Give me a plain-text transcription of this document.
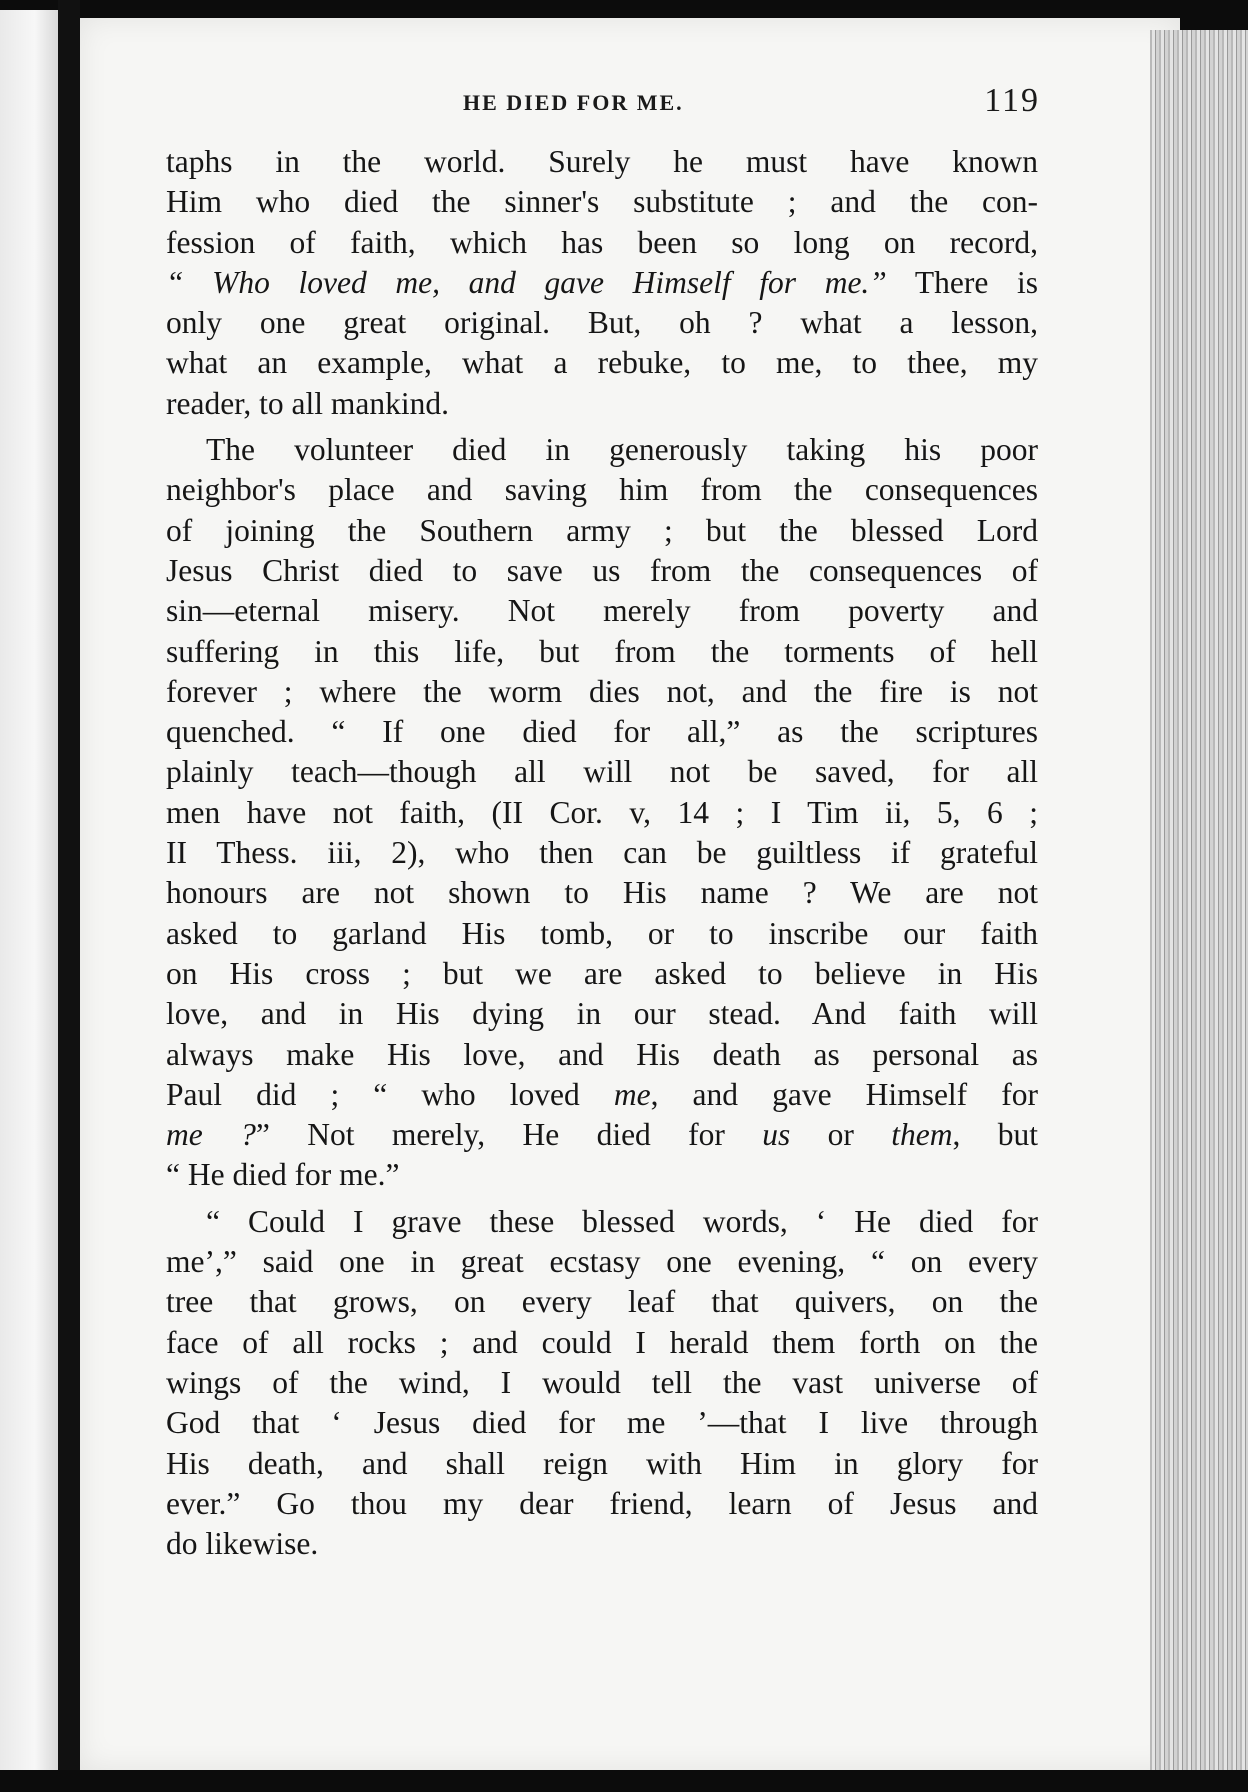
HE DIED FOR ME.	119

taphs in the world. Surely he must have known
Him who died the sinner's substitute ; and the con-
fession of faith, which has been so long on record,
“ Who loved me, and gave Himself for me.” There is
only one great original. But, oh ? what a lesson,
what an example, what a rebuke, to me, to thee, my
reader, to all mankind.

The volunteer died in generously taking his poor
neighbor's place and saving him from the consequences
of joining the Southern army ; but the blessed Lord
Jesus Christ died to save us from the consequences of
sin—eternal misery. Not merely from poverty and
suffering in this life, but from the torments of hell
forever ; where the worm dies not, and the fire is not
quenched. “ If one died for all,” as the scriptures
plainly teach—though all will not be saved, for all
men have not faith, (II Cor. v, 14 ; I Tim ii, 5, 6 ;
II Thess. iii, 2), who then can be guiltless if grateful
honours are not shown to His name ? We are not
asked to garland His tomb, or to inscribe our faith
on His cross ; but we are asked to believe in His
love, and in His dying in our stead. And faith will
always make His love, and His death as personal as
Paul did ; “ who loved me, and gave Himself for
me ?” Not merely, He died for us or them, but
“ He died for me.”

“ Could I grave these blessed words, ‘ He died for
me’,” said one in great ecstasy one evening, “ on every
tree that grows, on every leaf that quivers, on the
face of all rocks ; and could I herald them forth on the
wings of the wind, I would tell the vast universe of
God that ‘ Jesus died for me ’—that I live through
His death, and shall reign with Him in glory for
ever.” Go thou my dear friend, learn of Jesus and
do likewise.
